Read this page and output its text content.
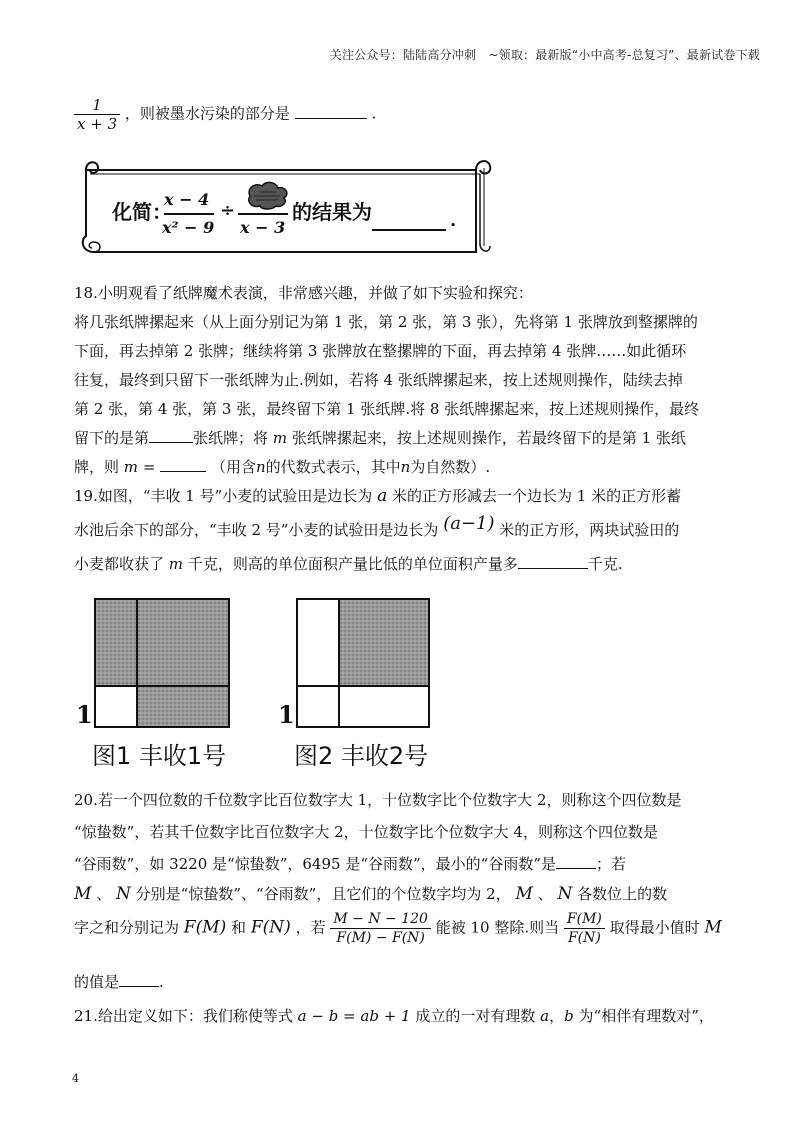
关注公众号：陆陆高分冲刺　~领取：最新版“小中高考-总复习”、最新试卷下载
$\frac{1}{x + 3}$ ，则被墨水污染的部分是	.
化简：
x − 4
x² − 9
÷
x − 3
的结果为	.
18.小明观看了纸牌魔术表演，非常感兴趣，并做了如下实验和探究：
将几张纸牌摞起来（从上面分别记为第 1 张，第 2 张，第 3 张），先将第 1 张牌放到整摞牌的
下面，再去掉第 2 张牌；继续将第 3 张牌放在整摞牌的下面，再去掉第 4 张牌……如此循环
往复，最终到只留下一张纸牌为止.例如，若将 4 张纸牌摞起来，按上述规则操作，陆续去掉
第 2 张，第 4 张，第 3 张，最终留下第 1 张纸牌.将 8 张纸牌摞起来，按上述规则操作，最终
留下的是第	张纸牌；将 m 张纸牌摞起来，按上述规则操作，若最终留下的是第 1 张纸
牌，则 m =	（用含n的代数式表示，其中n为自然数）.
19.如图，“丰收 1 号”小麦的试验田是边长为 a 米的正方形减去一个边长为 1 米的正方形蓄
水池后余下的部分，“丰收 2 号”小麦的试验田是边长为 (a−1) 米的正方形，两块试验田的
小麦都收获了 m 千克，则高的单位面积产量比低的单位面积产量多	千克.
1
图1 丰收1号
1
图2 丰收2号
20.若一个四位数的千位数字比百位数字大 1，十位数字比个位数字大 2，则称这个四位数是
“惊蛰数”，若其千位数字比百位数字大 2，十位数字比个位数字大 4，则称这个四位数是
“谷雨数”，如 3220 是“惊蛰数”，6495 是“谷雨数”，最小的“谷雨数”是	；若
M 、 N 分别是“惊蛰数”、“谷雨数”，且它们的个位数字均为 2， M 、 N 各数位上的数
字之和分别记为 F(M) 和 F(N) ，若 $\frac{M - N - 120}{F(M) - F(N)}$ 能被 10 整除.则当 $\frac{F(M)}{F(N)}$ 取得最小值时 M
的值是	.
21.给出定义如下：我们称使等式 a − b = ab + 1 成立的一对有理数 a，b 为“相伴有理数对”，
4
